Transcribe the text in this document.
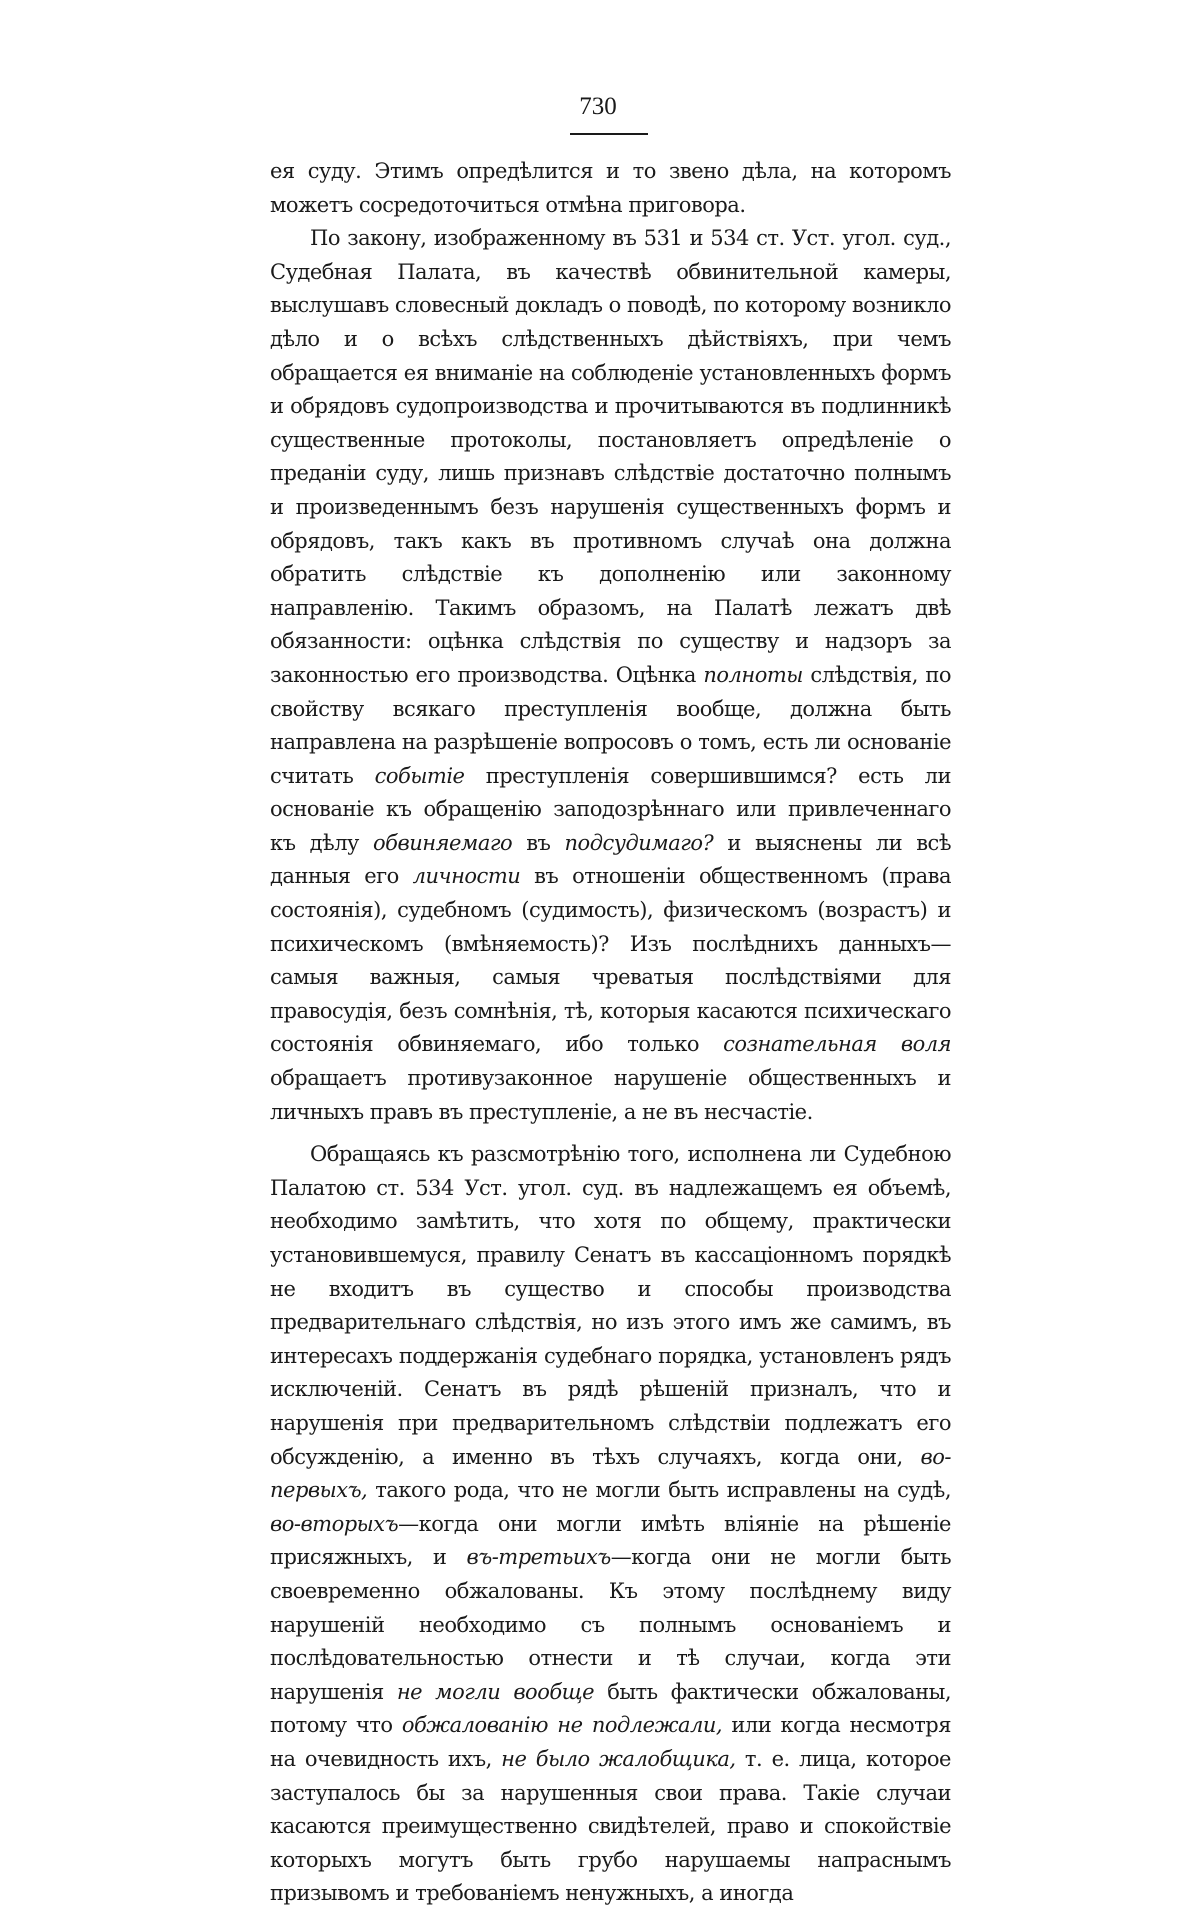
730

ея суду. Этимъ опредѣлится и то звено дѣла, на которомъ можетъ сосредоточиться отмѣна приговора.

По закону, изображенному въ 531 и 534 ст. Уст. угол. суд., Судебная Палата, въ качествѣ обвинительной камеры, выслушавъ словесный докладъ о поводѣ, по которому возникло дѣло и о всѣхъ слѣдственныхъ дѣйствіяхъ, при чемъ обращается ея вниманіе на соблюденіе установленныхъ формъ и обрядовъ судопроизводства и прочитываются въ подлинникѣ существенные протоколы, постановляетъ опредѣленіе о преданіи суду, лишь признавъ слѣдствіе достаточно полнымъ и произведеннымъ безъ нарушенія существенныхъ формъ и обрядовъ, такъ какъ въ противномъ случаѣ она должна обратить слѣдствіе къ дополненію или законному направленію. Такимъ образомъ, на Палатѣ лежатъ двѣ обязанности: оцѣнка слѣдствія по существу и надзоръ за законностью его производства. Оцѣнка полноты слѣдствія, по свойству всякаго преступленія вообще, должна быть направлена на разрѣшеніе вопросовъ о томъ, есть ли основаніе считать событіе преступленія совершившимся? есть ли основаніе къ обращенію заподозрѣннаго или привлеченнаго къ дѣлу обвиняемаго въ подсудимаго? и выяснены ли всѣ данныя его личности въ отношеніи общественномъ (права состоянія), судебномъ (судимость), физическомъ (возрастъ) и психическомъ (вмѣняемость)? Изъ послѣднихъ данныхъ—самыя важныя, самыя чреватыя послѣдствіями для правосудія, безъ сомнѣнія, тѣ, которыя касаются психическаго состоянія обвиняемаго, ибо только сознательная воля обращаетъ противузаконное нарушеніе общественныхъ и личныхъ правъ въ преступленіе, а не въ несчастіе.

Обращаясь къ разсмотрѣнію того, исполнена ли Судебною Палатою ст. 534 Уст. угол. суд. въ надлежащемъ ея объемѣ, необходимо замѣтить, что хотя по общему, практически установившемуся, правилу Сенатъ въ кассаціонномъ порядкѣ не входитъ въ существо и способы производства предварительнаго слѣдствія, но изъ этого имъ же самимъ, въ интересахъ поддержанія судебнаго порядка, установленъ рядъ исключеній. Сенатъ въ рядѣ рѣшеній призналъ, что и нарушенія при предварительномъ слѣдствіи подлежатъ его обсужденію, а именно въ тѣхъ случаяхъ, когда они, во-первыхъ, такого рода, что не могли быть исправлены на судѣ, во-вторыхъ—когда они могли имѣть вліяніе на рѣшеніе присяжныхъ, и въ-третьихъ—когда они не могли быть своевременно обжалованы. Къ этому послѣднему виду нарушеній необходимо съ полнымъ основаніемъ и послѣдовательностью отнести и тѣ случаи, когда эти нарушенія не могли вообще быть фактически обжалованы, потому что обжалованію не подлежали, или когда несмотря на очевидность ихъ, не было жалобщика, т. е. лица, которое заступалось бы за нарушенныя свои права. Такіе случаи касаются преимущественно свидѣтелей, право и спокойствіе которыхъ могутъ быть грубо нарушаемы напраснымъ призывомъ и требованіемъ ненужныхъ, а иногда
